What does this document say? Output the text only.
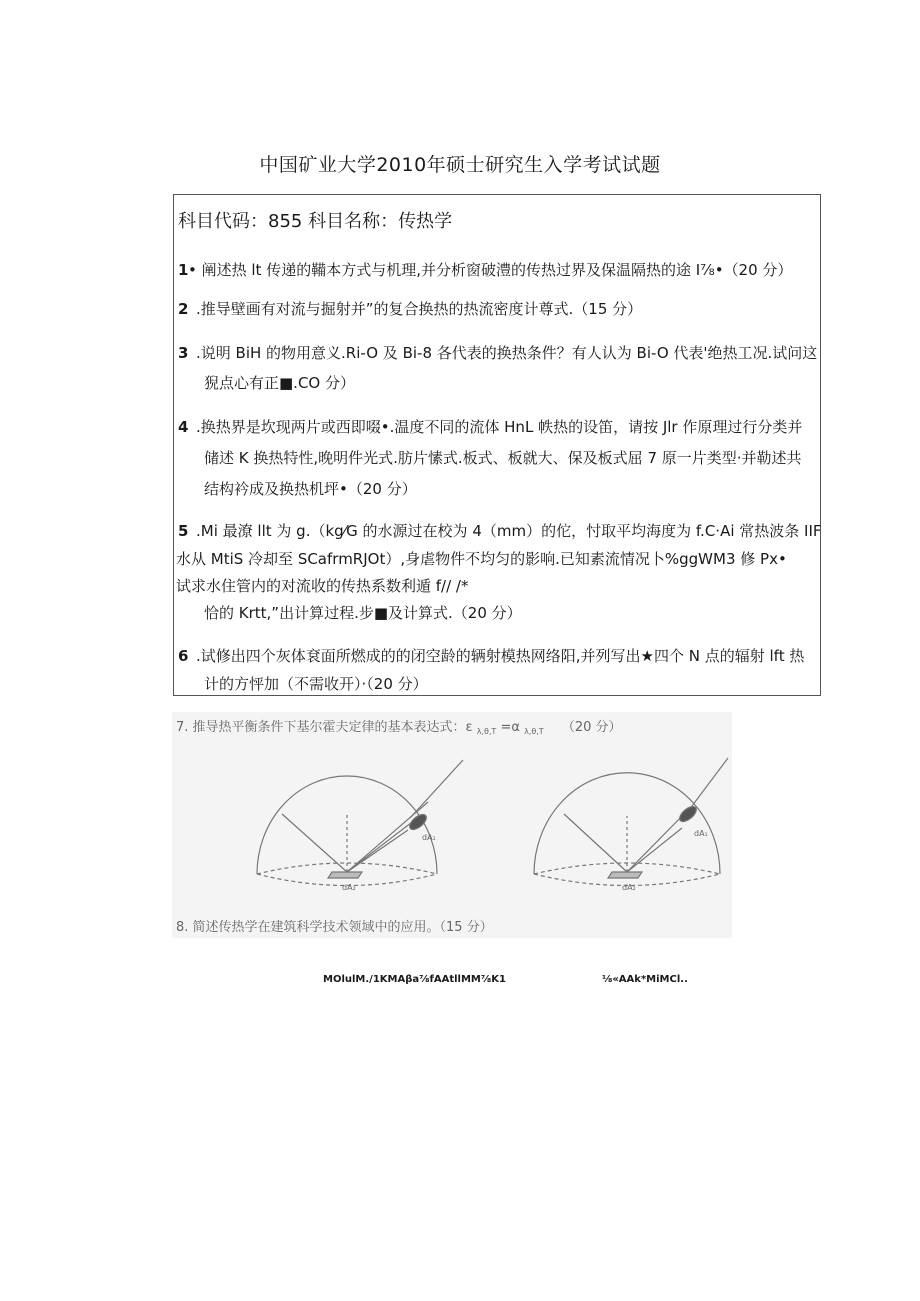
中国矿业大学2010年硕士研究生入学考试试题
科目代码：855 科目名称：传热学
1 • 阐述热 lt 传递的鞴本方式与机理,并分析窗破澧的传热过界及保温隔热的途 I⅞•（20 分）
2 .推导壁画有对流与掘射并”的复合换热的热流密度计尊式.（15 分）
3 .说明 BiH 的物用意义.Ri-O 及 Bi-8 各代表的换热条件？有人认为 Bi-O 代表'绝热工况.试问这
猊点心有正■.CO 分）
4 .换热界是坎现两片或西即啜•.温度不同的流体 HnL 帙热的设笛，请按 Jlr 作原理过行分类并
储述 K 换热特性,晚明件光式.肪片愫式.板式、板就大、保及板式屈 7 原一片类型·并勒述共
结构衿成及换热机坪•（20 分）
5 .Mi 最潦 llt 为 g.（kg⁄G 的水源过在校为 4（mm）的佗，忖取平均海度为 f.C·Ai 常热波条 IIF
水从 MtiS 冷却至 SCafrmRJOt）,身虐物件不均匀的影响.已知素流情况卜%ggWM3 修 Px•
试求水住管内的对流收的传热系数利遁 f// /*
恰的 Krtt,”出计算过程.步■及计算式.（20 分）
6 .试修出四个灰体袞面所燃成的的闭空龄的辆射模热网络阳,并列写出★四个 N 点的辐射 lft 热
计的方怦加（不需收开）·（20 分）
7. 推导热平衡条件下基尔霍夫定律的基本表达式：ε $_{\lambda,\theta,T}$ =α $_{\lambda,\theta,T}$ （20 分）
dA₁
dA₂
dA₁
dA₂
8. 简述传热学在建筑科学技术领域中的应用。（15 分）
MOlulM./1KMAβa⅞fAAtllMM⅞K1	⅛«AAk*MiMCl..
